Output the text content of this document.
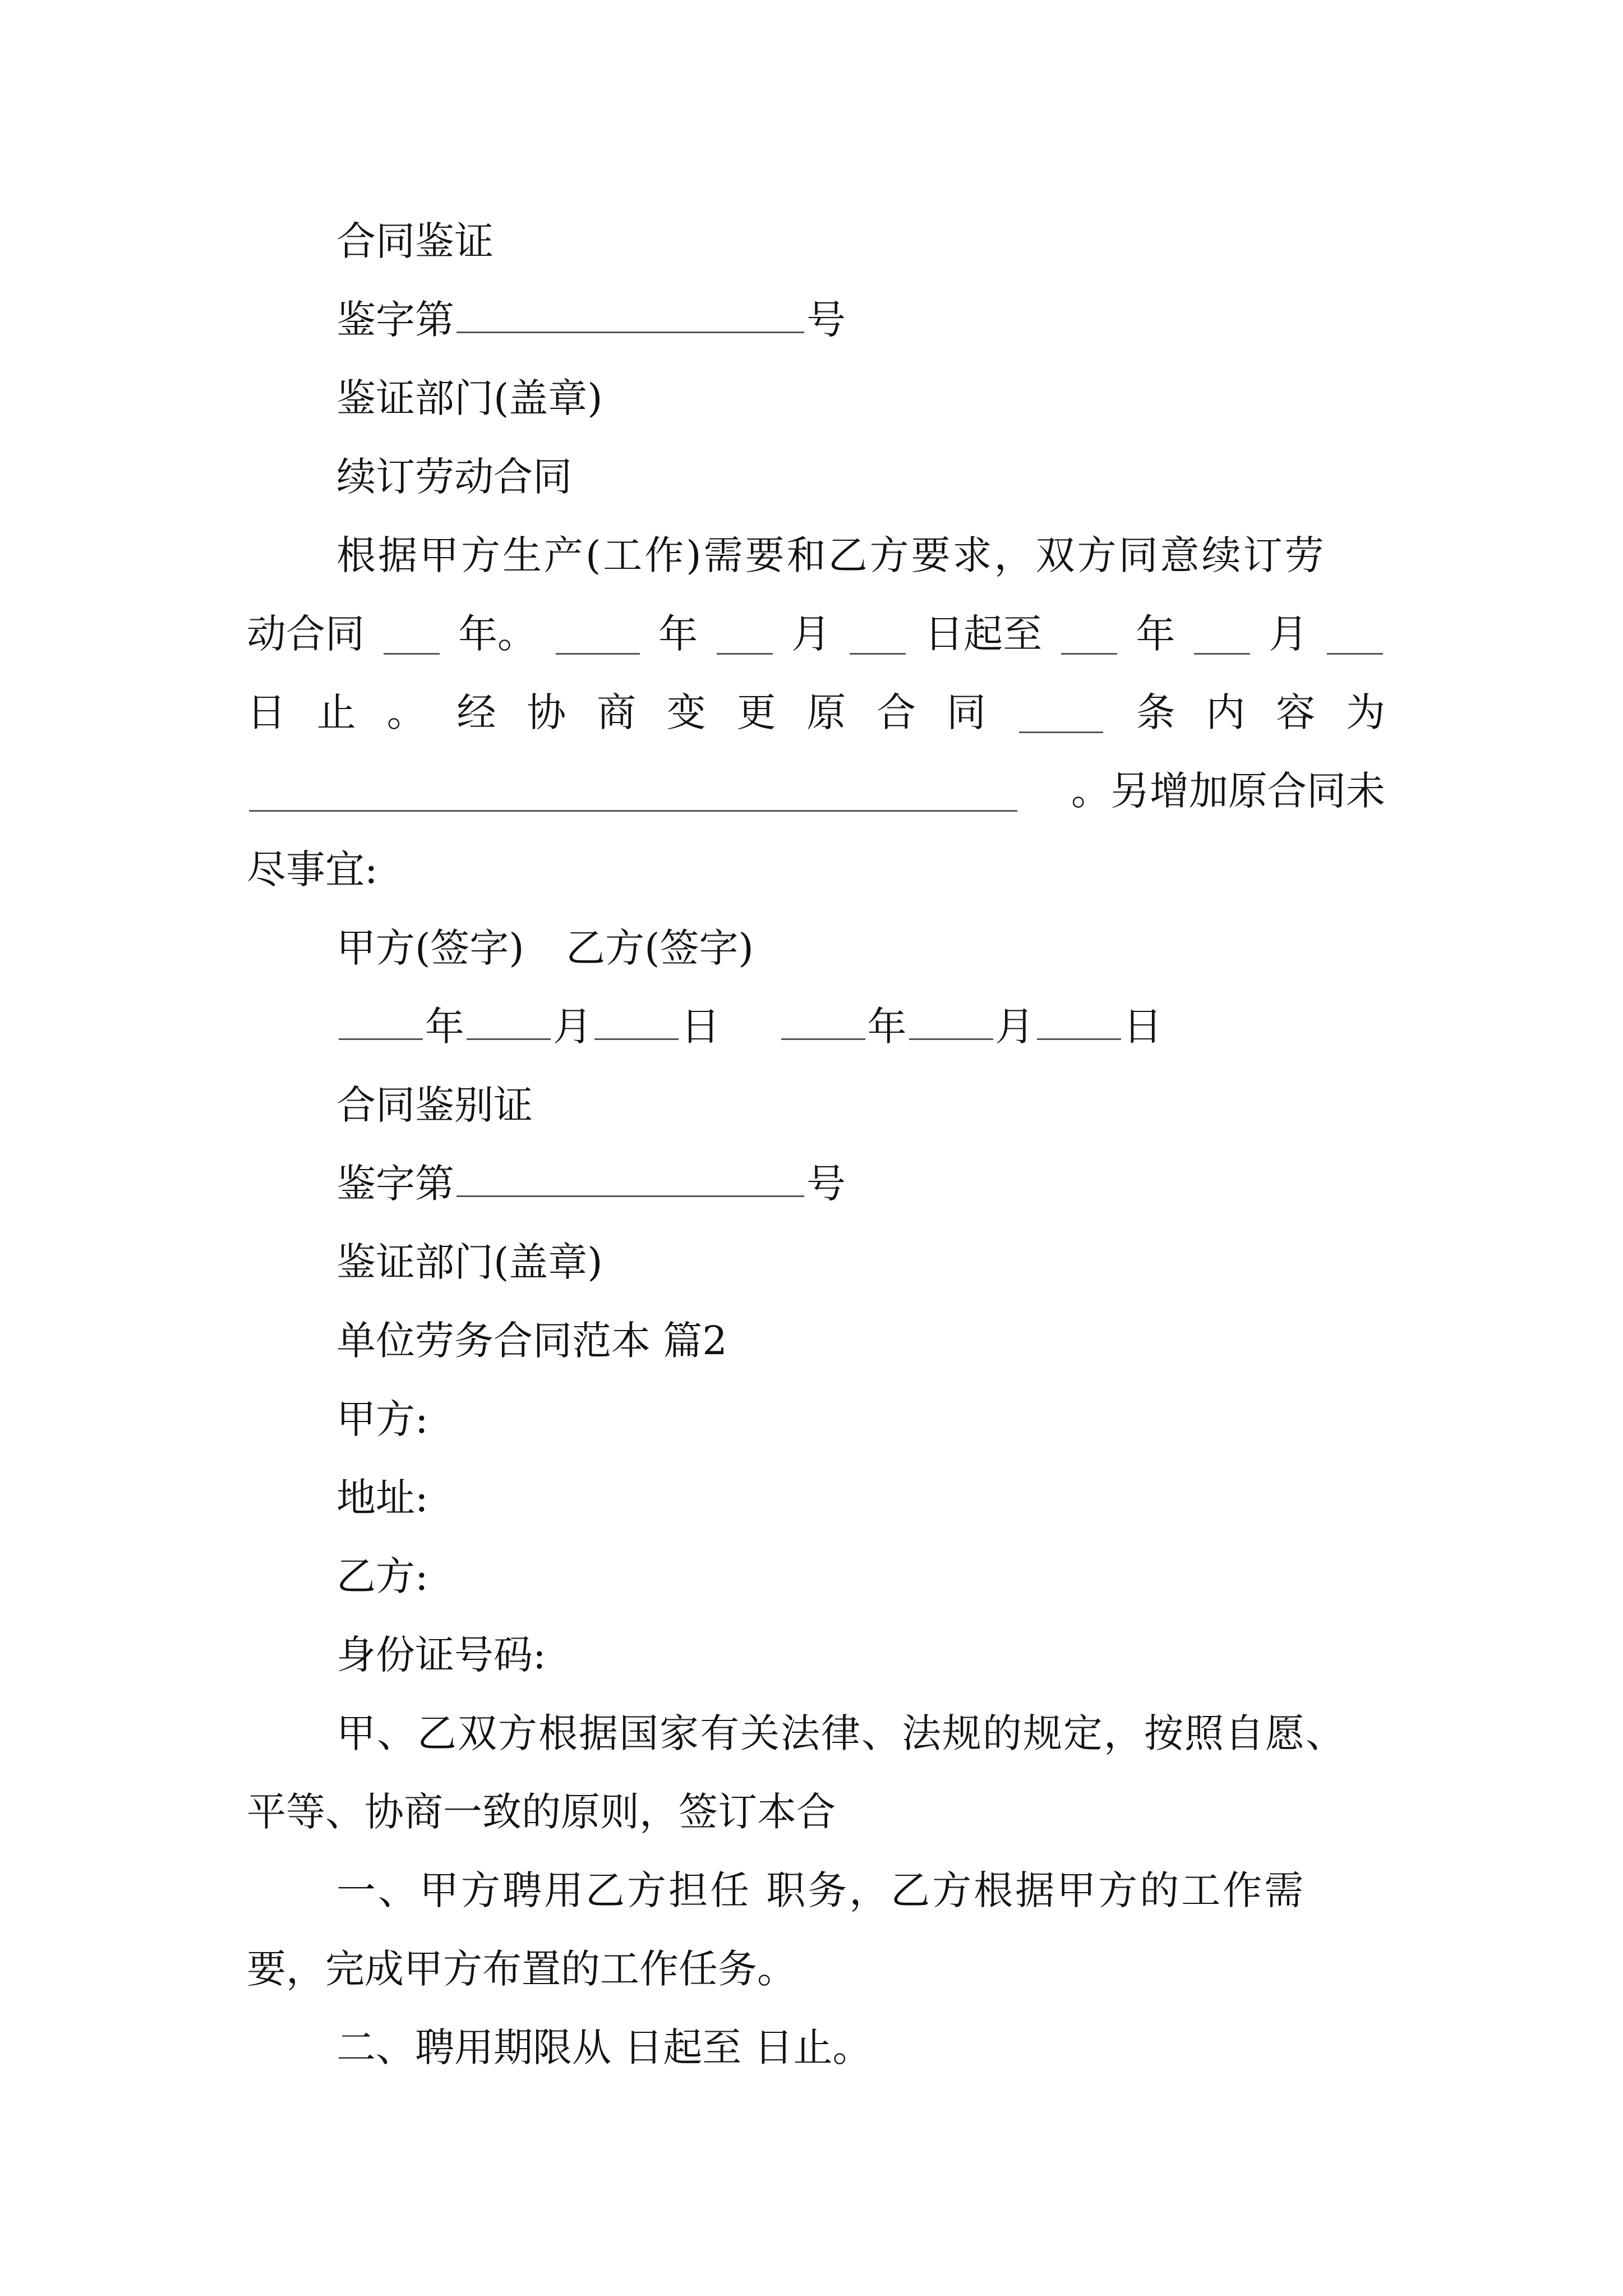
合同鉴证
鉴字第	号
鉴证部门(盖章)
续订劳动合同
根据甲方生产(工作)需要和乙方要求，双方同意续订劳
动合同 年。	年 月 日起至 年 月
日 止 。 经 协 商 变 更 原 合 同	条 内 容 为
。另增加原合同未
尽事宜:
甲方(签字) 乙方(签字)
年 月 日	年 月 日
合同鉴别证
鉴字第	号
鉴证部门(盖章)
单位劳务合同范本 篇2
甲方:
地址:
乙方:
身份证号码:
甲、乙双方根据国家有关法律、法规的规定，按照自愿、
平等、协商一致的原则，签订本合
一、甲方聘用乙方担任 职务，乙方根据甲方的工作需
要，完成甲方布置的工作任务。
二、聘用期限从 日起至 日止。
